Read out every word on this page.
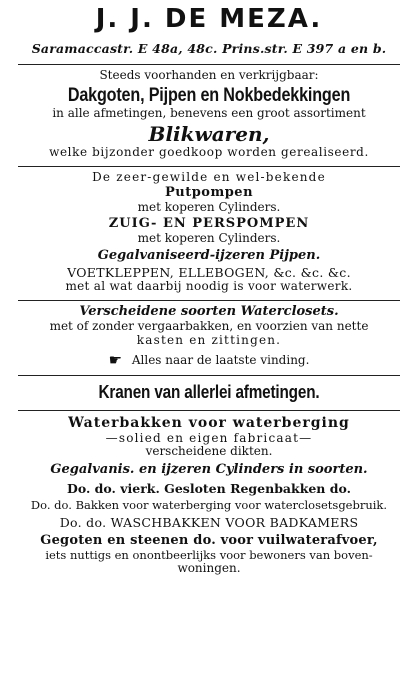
J. J. DE MEZA.
Saramaccastr. E 48a, 48c. Prins.str. E 397 a en b.
Steeds voorhanden en verkrijgbaar:
Dakgoten, Pijpen en Nokbedekkingen
in alle afmetingen, benevens een groot assortiment
Blikwaren,
welke bijzonder goedkoop worden gerealiseerd.
De zeer-gewilde en wel-bekende
Putpompen
met koperen Cylinders.
ZUIG- EN PERSPOMPEN
met koperen Cylinders.
Gegalvaniseerd-ijzeren Pijpen.
VOETKLEPPEN, ELLEBOGEN, &c. &c. &c.
met al wat daarbij noodig is voor waterwerk.
Verscheidene soorten Waterclosets.
met of zonder vergaarbakken, en voorzien van nette
kasten en zittingen.
☛ Alles naar de laatste vinding.
Kranen van allerlei afmetingen.
Waterbakken voor waterberging
—solied en eigen fabricaat—
verscheidene dikten.
Gegalvanis. en ijzeren Cylinders in soorten.
Do. do. vierk. Gesloten Regenbakken do.
Do. do. Bakken voor waterberging voor waterclosetsgebruik.
Do. do. WASCHBAKKEN VOOR BADKAMERS
Gegoten en steenen do. voor vuilwaterafvoer,
iets nuttigs en onontbeerlijks voor bewoners van boven-
woningen.
